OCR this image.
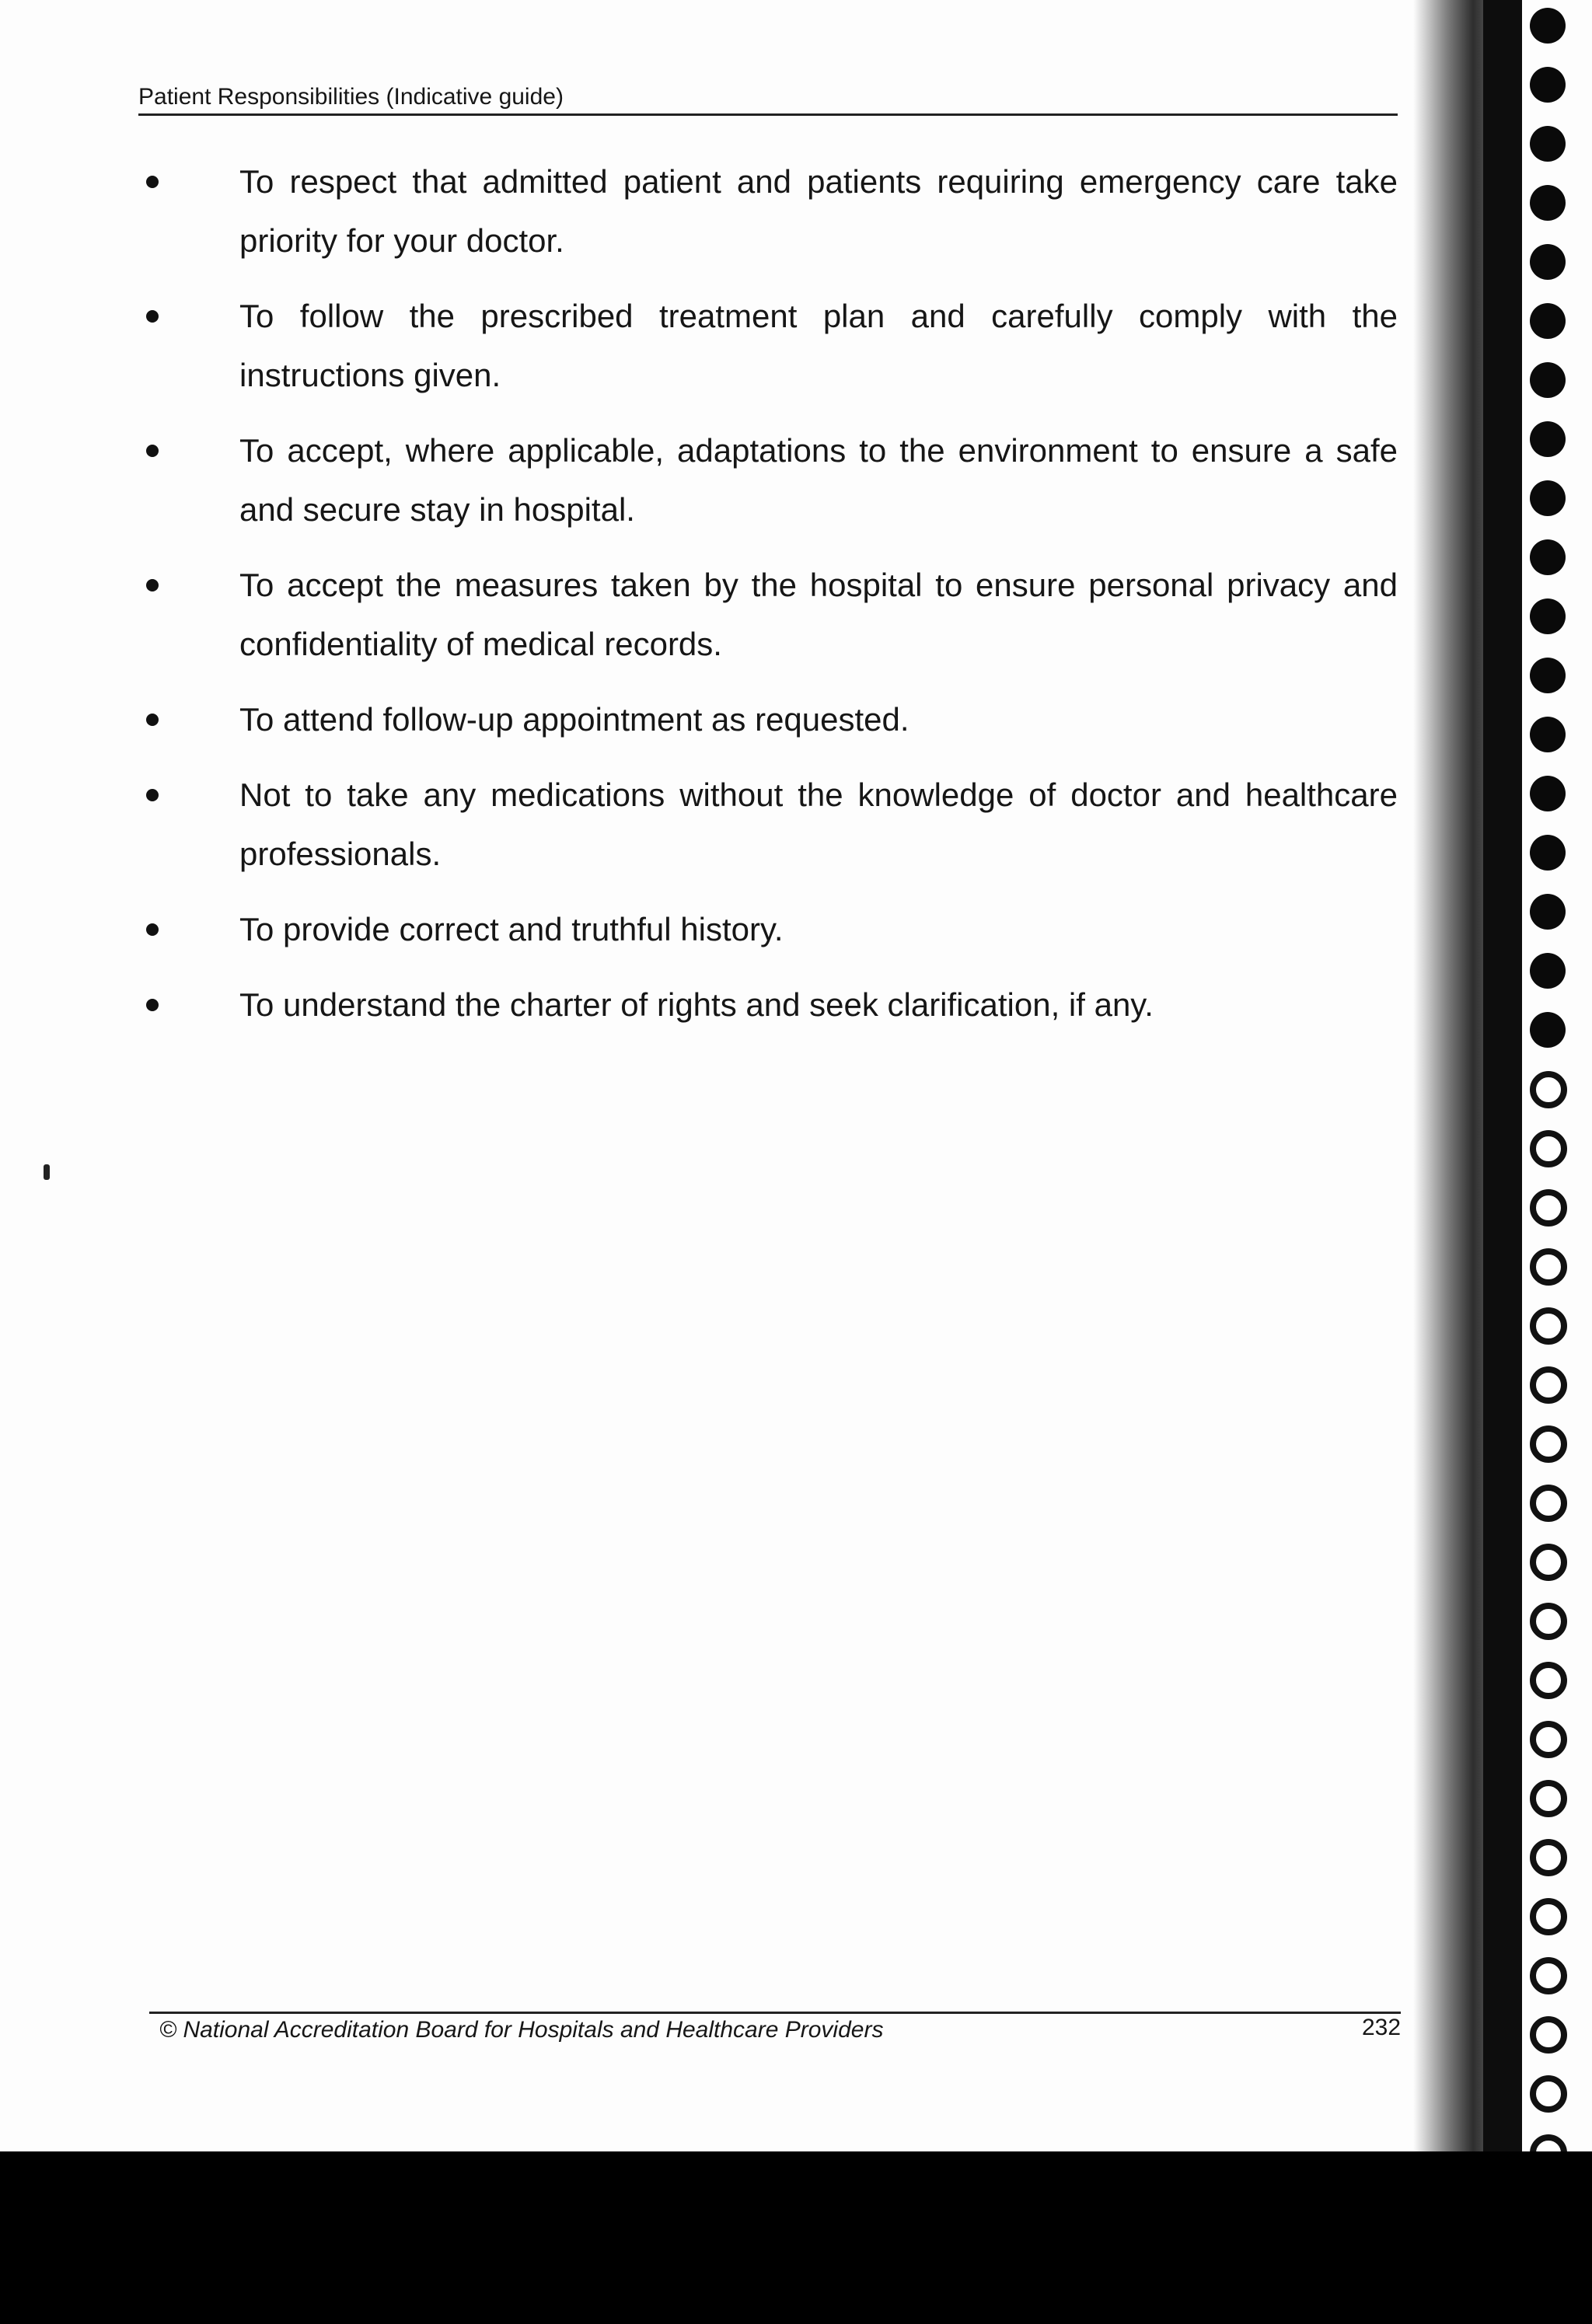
Patient Responsibilities (Indicative guide)
To respect that admitted patient and patients requiring emergency care take priority for your doctor.
To follow the prescribed treatment plan and carefully comply with the instructions given.
To accept, where applicable, adaptations to the environment to ensure a safe and secure stay in hospital.
To accept the measures taken by the hospital to ensure personal privacy and confidentiality of medical records.
To attend follow-up appointment as requested.
Not to take any medications without the knowledge of doctor and healthcare professionals.
To provide correct and truthful history.
To understand the charter of rights and seek clarification, if any.
© National Accreditation Board for Hospitals and Healthcare Providers	232
